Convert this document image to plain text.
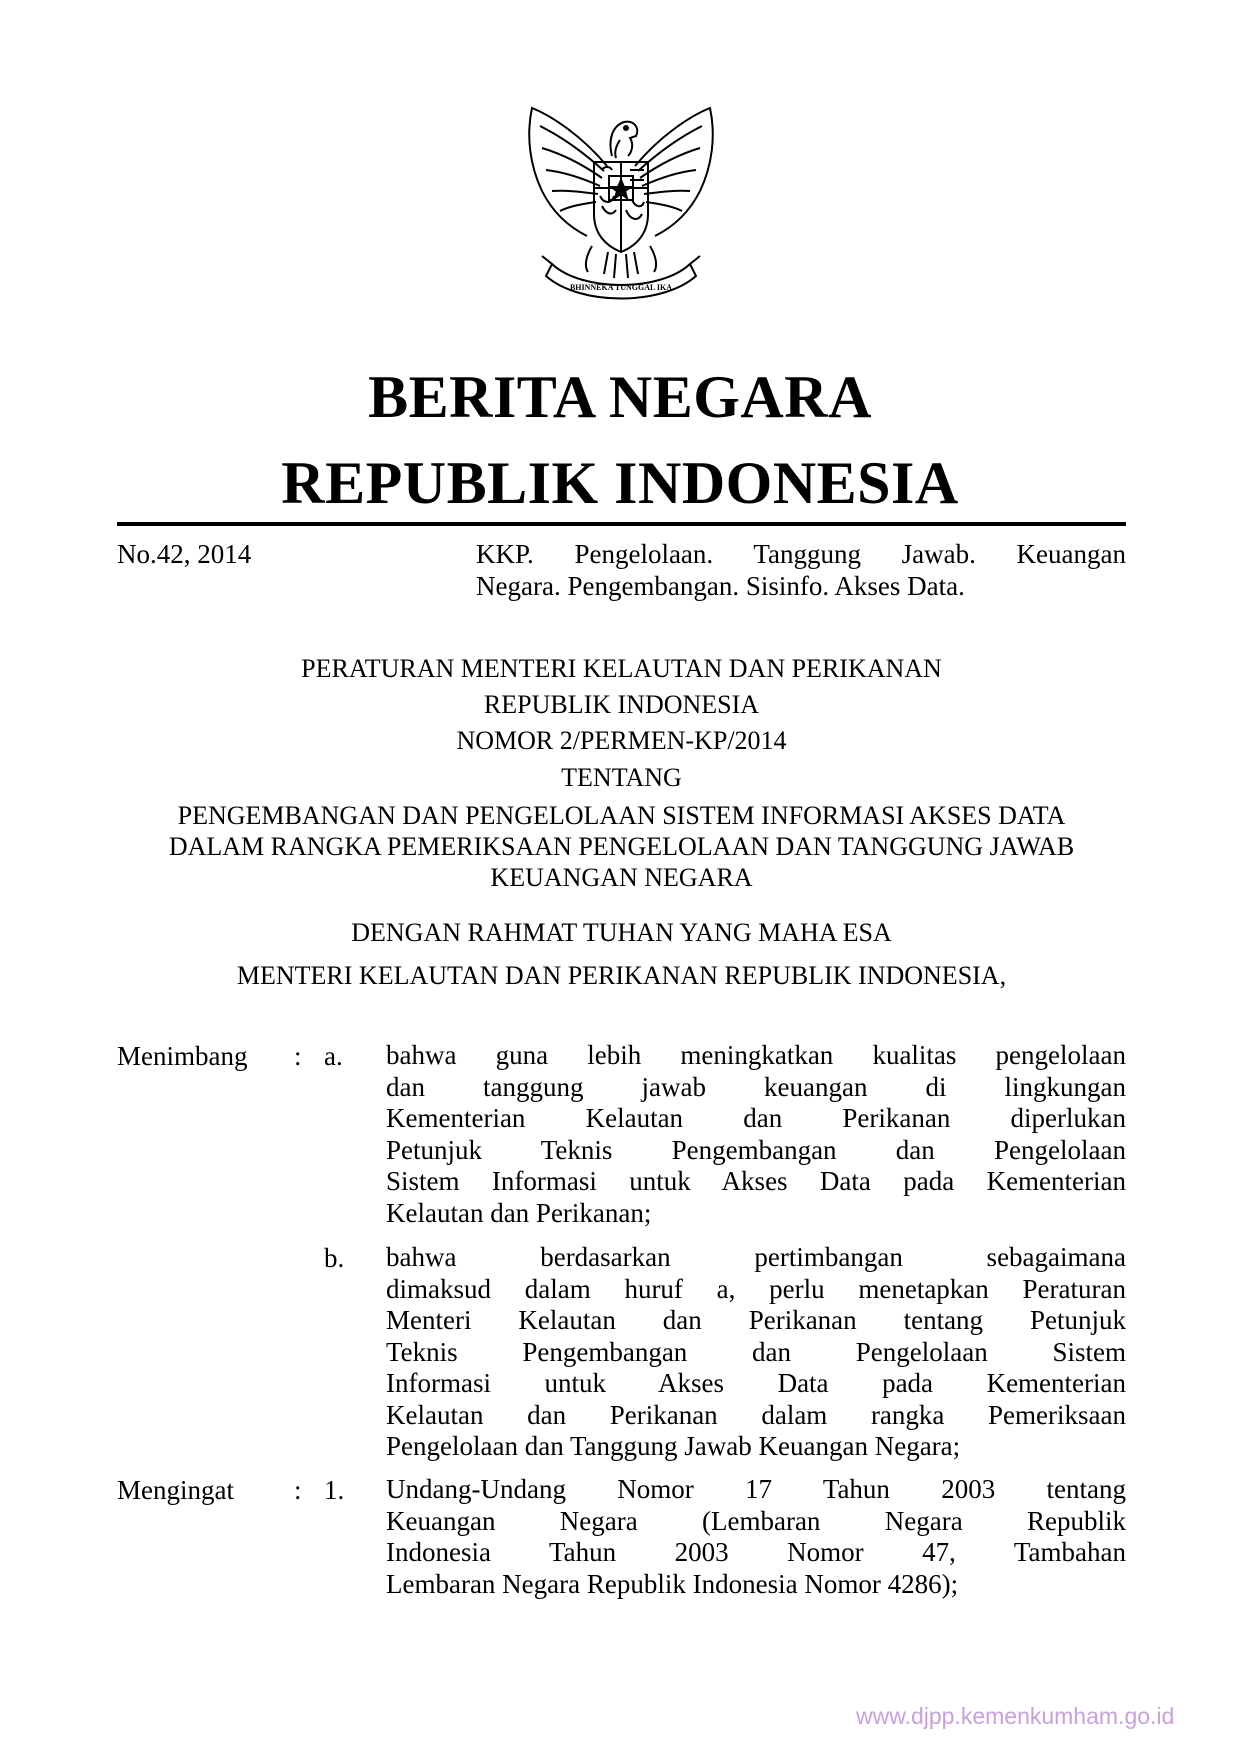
BHINNEKA TUNGGAL IKA
BERITA NEGARA
REPUBLIK INDONESIA
No.42, 2014	KKP. Pengelolaan. Tanggung Jawab. Keuangan
Negara. Pengembangan. Sisinfo. Akses Data.
PERATURAN MENTERI KELAUTAN DAN PERIKANAN
REPUBLIK INDONESIA
NOMOR 2/PERMEN-KP/2014
TENTANG
PENGEMBANGAN DAN PENGELOLAAN SISTEM INFORMASI AKSES DATA
DALAM RANGKA PEMERIKSAAN PENGELOLAAN DAN TANGGUNG JAWAB
KEUANGAN NEGARA
DENGAN RAHMAT TUHAN YANG MAHA ESA
MENTERI KELAUTAN DAN PERIKANAN REPUBLIK INDONESIA,
Menimbang : a. bahwa guna lebih meningkatkan kualitas pengelolaan
dan tanggung jawab keuangan di lingkungan
Kementerian Kelautan dan Perikanan diperlukan
Petunjuk Teknis Pengembangan dan Pengelolaan
Sistem Informasi untuk Akses Data pada Kementerian
Kelautan dan Perikanan;
b. bahwa berdasarkan pertimbangan sebagaimana
dimaksud dalam huruf a, perlu menetapkan Peraturan
Menteri Kelautan dan Perikanan tentang Petunjuk
Teknis Pengembangan dan Pengelolaan Sistem
Informasi untuk Akses Data pada Kementerian
Kelautan dan Perikanan dalam rangka Pemeriksaan
Pengelolaan dan Tanggung Jawab Keuangan Negara;
Mengingat : 1. Undang-Undang Nomor 17 Tahun 2003 tentang
Keuangan Negara (Lembaran Negara Republik
Indonesia Tahun 2003 Nomor 47, Tambahan
Lembaran Negara Republik Indonesia Nomor 4286);
www.djpp.kemenkumham.go.id
